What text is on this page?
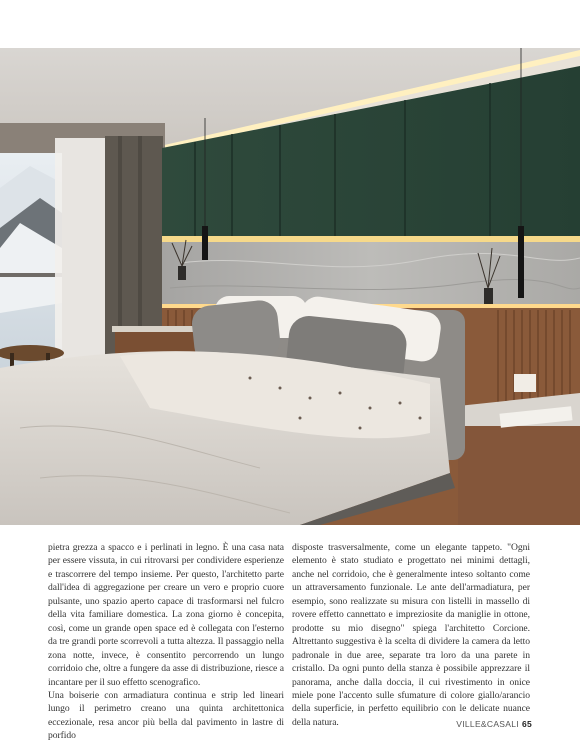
pietra grezza a spacco e i perlinati in legno. È una casa nata per essere vissuta, in cui ritrovarsi per condividere esperienze e trascorrere del tempo insieme. Per questo, l'architetto parte dall'idea di aggregazione per creare un vero e proprio cuore pulsante, uno spazio aperto capace di trasformarsi nel fulcro della vita familiare domestica. La zona giorno è concepita, così, come un grande open space ed è collegata con l'esterno da tre grandi porte scorrevoli a tutta altezza. Il passaggio nella zona notte, invece, è consentito percorrendo un lungo corridoio che, oltre a fungere da asse di distribuzione, riesce a incantare per il suo effetto scenografico.

Una boiserie con armadiatura continua e strip led lineari lungo il perimetro creano una quinta architettonica eccezionale, resa ancor più bella dal pavimento in lastre di porfido

disposte trasversalmente, come un elegante tappeto. "Ogni elemento è stato studiato e progettato nei minimi dettagli, anche nel corridoio, che è generalmente inteso soltanto come un attraversamento funzionale. Le ante dell'armadiatura, per esempio, sono realizzate su misura con listelli in massello di rovere effetto cannettato e impreziosite da maniglie in ottone, prodotte su mio disegno" spiega l'architetto Corcione. Altrettanto suggestiva è la scelta di dividere la camera da letto padronale in due aree, separate tra loro da una parete in cristallo. Da ogni punto della stanza è possibile apprezzare il panorama, anche dalla doccia, il cui rivestimento in onice miele pone l'accento sulle sfumature di colore giallo/arancio della superficie, in perfetto equilibrio con le delicate nuance della natura.	VILLE&CASALI 65
